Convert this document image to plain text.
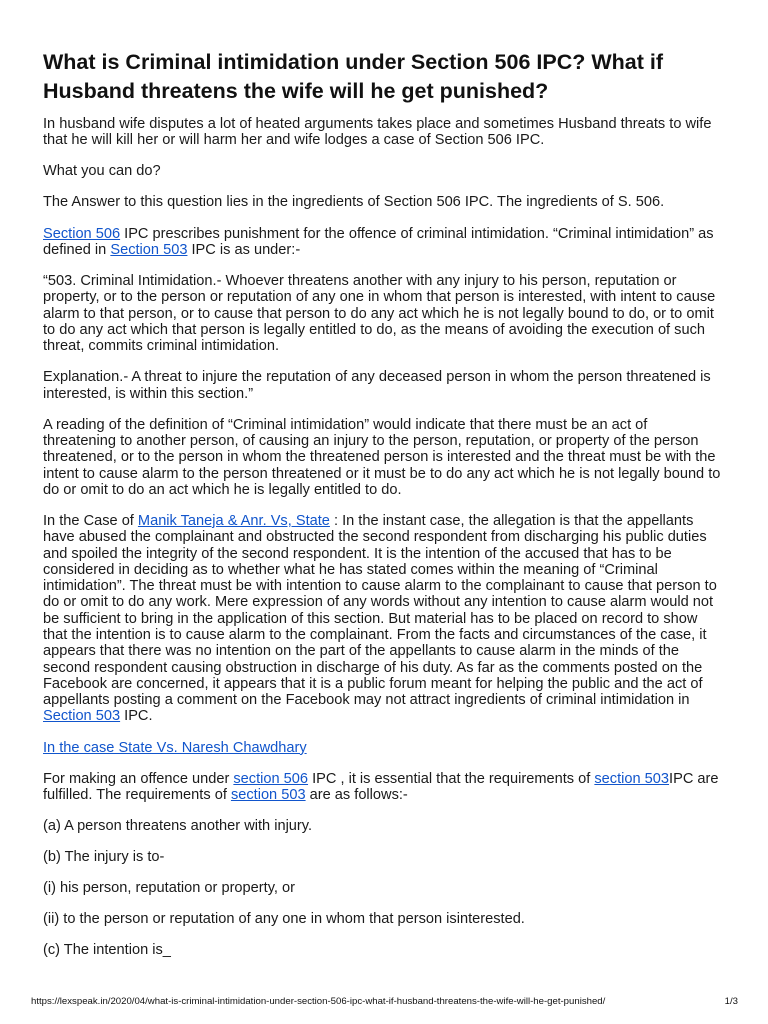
What is Criminal intimidation under Section 506 IPC? What if Husband threatens the wife will he get punished?

In husband wife disputes a lot of heated arguments takes place and sometimes Husband threats to wife that he will kill her or will harm her and wife lodges a case of Section 506 IPC.

What you can do?

The Answer to this question lies in the ingredients of Section 506 IPC. The ingredients of S. 506.

Section 506 IPC prescribes punishment for the offence of criminal intimidation. “Criminal intimidation” as defined in Section 503 IPC is as under:-

“503. Criminal Intimidation.- Whoever threatens another with any injury to his person, reputation or property, or to the person or reputation of any one in whom that person is interested, with intent to cause alarm to that person, or to cause that person to do any act which he is not legally bound to do, or to omit to do any act which that person is legally entitled to do, as the means of avoiding the execution of such threat, commits criminal intimidation.

Explanation.- A threat to injure the reputation of any deceased person in whom the person threatened is interested, is within this section.”

A reading of the definition of “Criminal intimidation” would indicate that there must be an act of threatening to another person, of causing an injury to the person, reputation, or property of the person threatened, or to the person in whom the threatened person is interested and the threat must be with the intent to cause alarm to the person threatened or it must be to do any act which he is not legally bound to do or omit to do an act which he is legally entitled to do.

In the Case of Manik Taneja & Anr. Vs, State : In the instant case, the allegation is that the appellants have abused the complainant and obstructed the second respondent from discharging his public duties and spoiled the integrity of the second respondent. It is the intention of the accused that has to be considered in deciding as to whether what he has stated comes within the meaning of “Criminal intimidation”. The threat must be with intention to cause alarm to the complainant to cause that person to do or omit to do any work. Mere expression of any words without any intention to cause alarm would not be sufficient to bring in the application of this section. But material has to be placed on record to show that the intention is to cause alarm to the complainant. From the facts and circumstances of the case, it appears that there was no intention on the part of the appellants to cause alarm in the minds of the second respondent causing obstruction in discharge of his duty. As far as the comments posted on the Facebook are concerned, it appears that it is a public forum meant for helping the public and the act of appellants posting a comment on the Facebook may not attract ingredients of criminal intimidation in Section 503 IPC.

In the case State Vs. Naresh Chawdhary

For making an offence under section 506 IPC , it is essential that the requirements of section 503IPC are fulfilled. The requirements of section 503 are as follows:-

(a) A person threatens another with injury.

(b) The injury is to-

(i) his person, reputation or property, or

(ii) to the person or reputation of any one in whom that person isinterested.

(c) The intention is_

https://lexspeak.in/2020/04/what-is-criminal-intimidation-under-section-506-ipc-what-if-husband-threatens-the-wife-will-he-get-punished/	1/3
